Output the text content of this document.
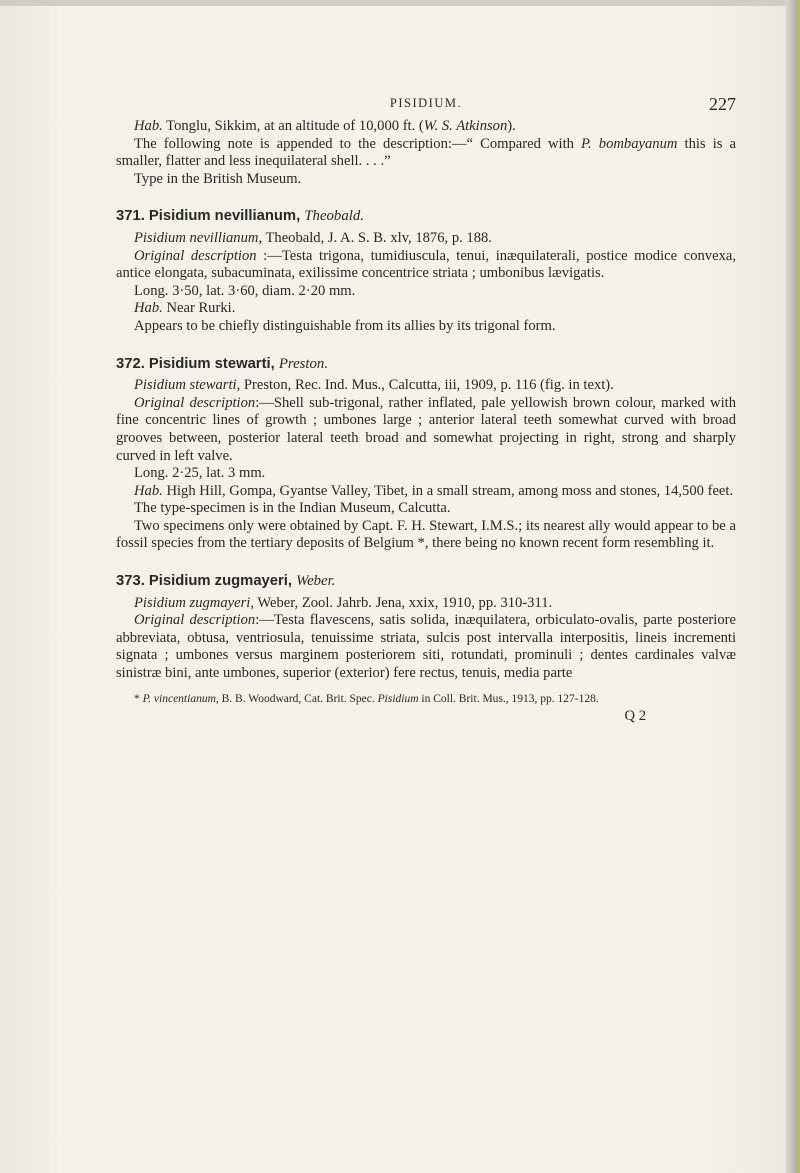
PISIDIUM.	227

Hab. Tonglu, Sikkim, at an altitude of 10,000 ft. (W. S. Atkinson).

The following note is appended to the description:—“ Compared with P. bombayanum this is a smaller, flatter and less inequilateral shell. . . .”

Type in the British Museum.

371. Pisidium nevillianum, Theobald.

Pisidium nevillianum, Theobald, J. A. S. B. xlv, 1876, p. 188.

Original description :—Testa trigona, tumidiuscula, tenui, inæquilaterali, postice modice convexa, antice elongata, subacuminata, exilissime concentrice striata ; umbonibus lævigatis.

Long. 3·50, lat. 3·60, diam. 2·20 mm.

Hab. Near Rurki.

Appears to be chiefly distinguishable from its allies by its trigonal form.

372. Pisidium stewarti, Preston.

Pisidium stewarti, Preston, Rec. Ind. Mus., Calcutta, iii, 1909, p. 116 (fig. in text).

Original description:—Shell sub-trigonal, rather inflated, pale yellowish brown colour, marked with fine concentric lines of growth ; umbones large ; anterior lateral teeth somewhat curved with broad grooves between, posterior lateral teeth broad and somewhat projecting in right, strong and sharply curved in left valve.

Long. 2·25, lat. 3 mm.

Hab. High Hill, Gompa, Gyantse Valley, Tibet, in a small stream, among moss and stones, 14,500 feet.

The type-specimen is in the Indian Museum, Calcutta.

Two specimens only were obtained by Capt. F. H. Stewart, I.M.S.; its nearest ally would appear to be a fossil species from the tertiary deposits of Belgium *, there being no known recent form resembling it.

373. Pisidium zugmayeri, Weber.

Pisidium zugmayeri, Weber, Zool. Jahrb. Jena, xxix, 1910, pp. 310-311.

Original description:—Testa flavescens, satis solida, inæquilatera, orbiculato-ovalis, parte posteriore abbreviata, obtusa, ventriosula, tenuissime striata, sulcis post intervalla interpositis, lineis incrementi signata ; umbones versus marginem posteriorem siti, rotundati, prominuli ; dentes cardinales valvæ sinistræ bini, ante umbones, superior (exterior) fere rectus, tenuis, media parte

* P. vincentianum, B. B. Woodward, Cat. Brit. Spec. Pisidium in Coll. Brit. Mus., 1913, pp. 127-128.

Q 2
